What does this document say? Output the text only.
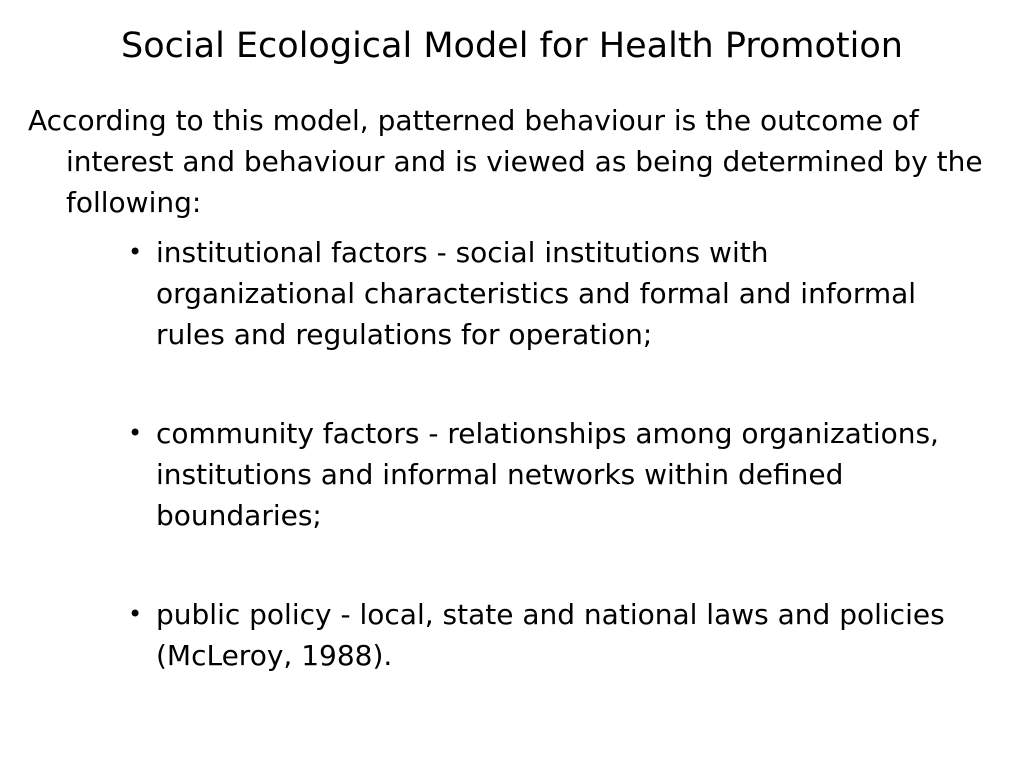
Social Ecological Model for Health Promotion

According to this model, patterned behaviour is the outcome of interest and behaviour and is viewed as being determined by the following:

• institutional factors - social institutions with organizational characteristics and formal and informal rules and regulations for operation;
• community factors - relationships among organizations, institutions and informal networks within defined boundaries;
• public policy - local, state and national laws and policies (McLeroy, 1988).
